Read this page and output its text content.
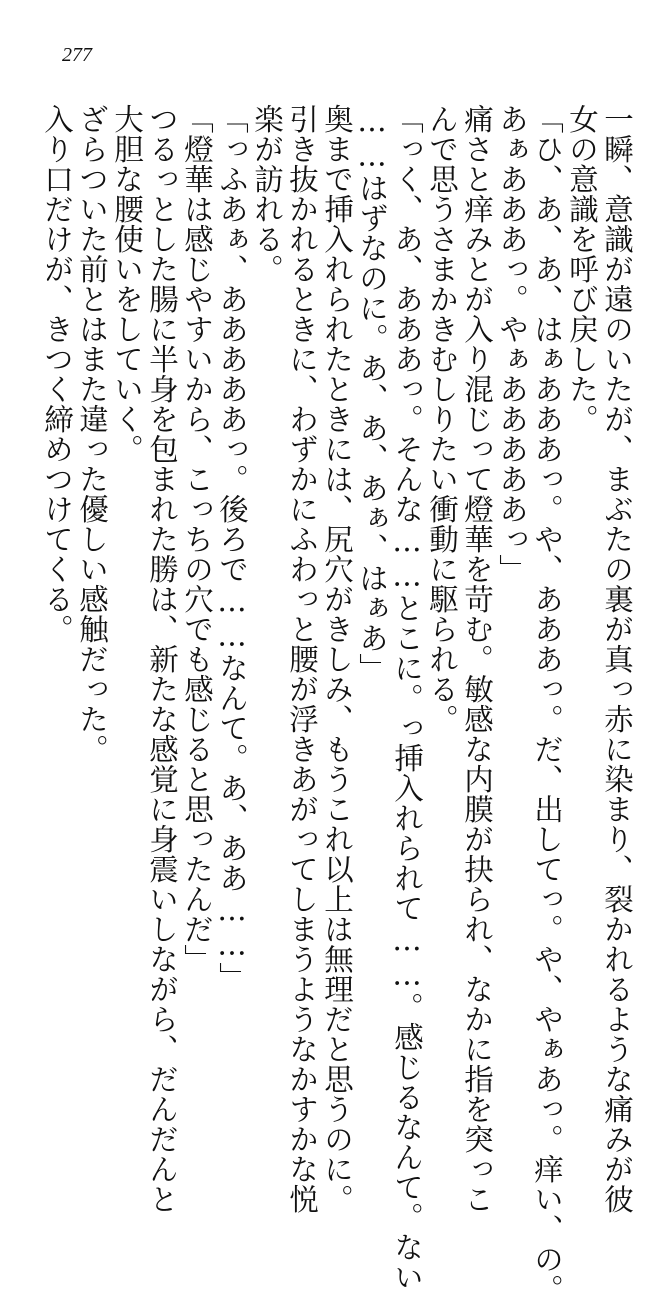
277
一瞬、意識が遠のいたが、まぶたの裏が真っ赤に染まり、裂かれるような痛みが彼
女の意識を呼び戻した。
「ひ、あ、あ、はぁあああっ。や、あああっ。だ、出してっ。や、やぁあっ。痒い、の。
あぁあああっ。やぁあああああっ」
痛さと痒みとが入り混じって燈華を苛む。敏感な内膜が抉られ、なかに指を突っこ
んで思うさまかきむしりたい衝動に駆られる。
「っく、あ、あああっ。そんな……とこに。っ挿入れられて……。感じるなんて。ない
……はずなのに。あ、あ、あぁ、はぁあ」
奥まで挿入れられたときには、尻穴がきしみ、もうこれ以上は無理だと思うのに。
引き抜かれるときに、わずかにふわっと腰が浮きあがってしまうようなかすかな悦
楽が訪れる。
「っふあぁ、あああああっ。後ろで……なんて。あ、ああ……」
「燈華は感じやすいから、こっちの穴でも感じると思ったんだ」
つるっとした腸に半身を包まれた勝は、新たな感覚に身震いしながら、だんだんと
大胆な腰使いをしていく。
ざらついた前とはまた違った優しい感触だった。
入り口だけが、きつく締めつけてくる。
